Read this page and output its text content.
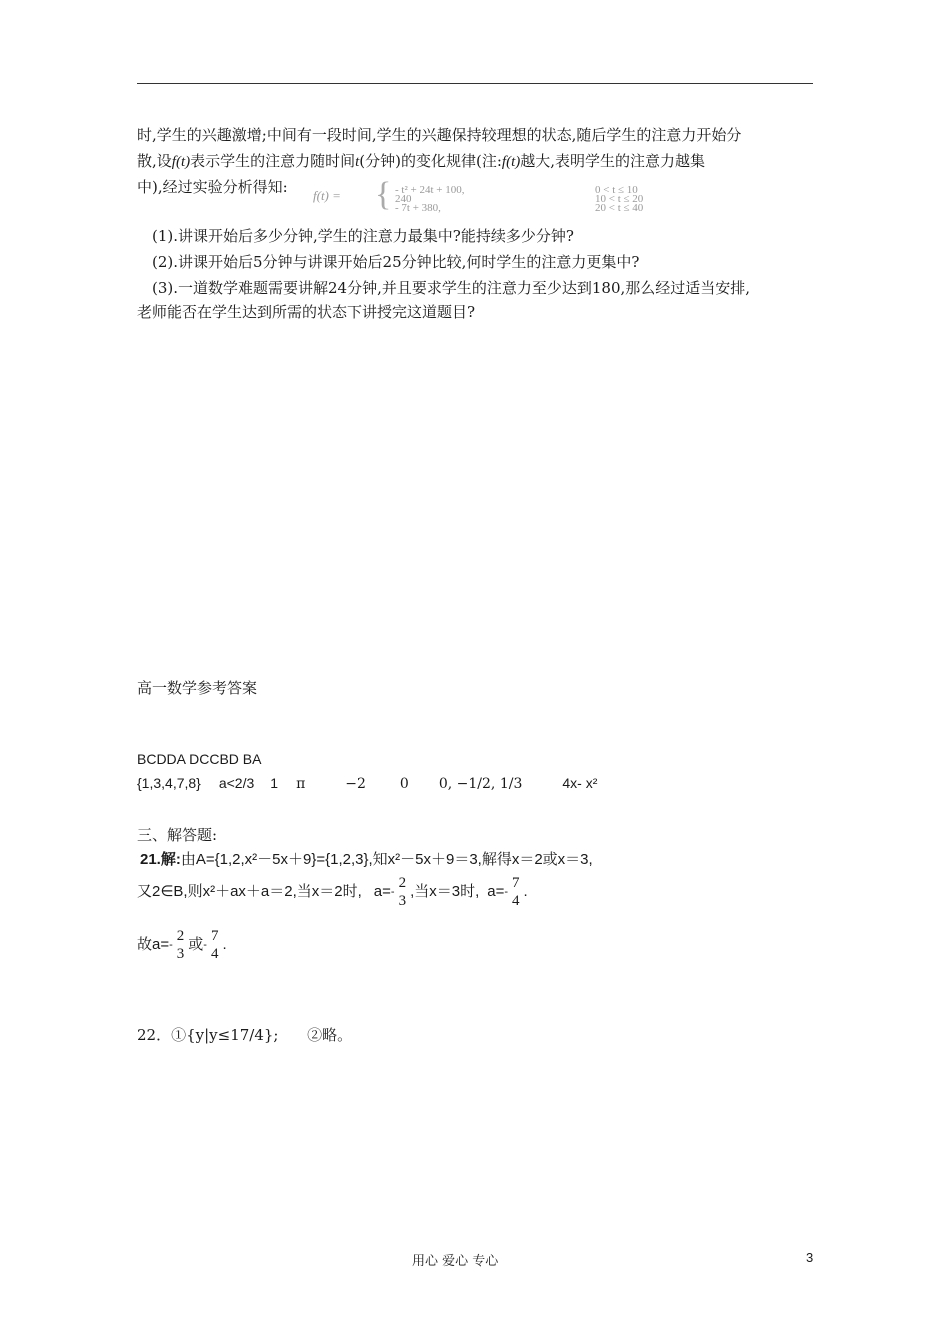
时,学生的兴趣激增;中间有一段时间,学生的兴趣保持较理想的状态,随后学生的注意力开始分
散,设f(t)表示学生的注意力随时间t(分钟)的变化规律(注:f(t)越大,表明学生的注意力越集
中),经过实验分析得知: f(t) = { - t² + 24t + 100,	0 < t ≤ 10
240	10 < t ≤ 20
- 7t + 380,	20 < t ≤ 40
(1).讲课开始后多少分钟,学生的注意力最集中?能持续多少分钟?
(2).讲课开始后5分钟与讲课开始后25分钟比较,何时学生的注意力更集中?
(3).一道数学难题需要讲解24分钟,并且要求学生的注意力至少达到180,那么经过适当安排,
老师能否在学生达到所需的状态下讲授完这道题目?
高一数学参考答案
BCDDA DCCBD BA
{1,3,4,7,8} a<2/3 1 π	−2 0 0, −1/2, 1/3	4x- x²
三、解答题:
21.解:由A={1,2,x²－5x＋9}={1,2,3},知x²－5x＋9＝3,解得x＝2或x＝3,
又2∈B,则x²＋ax＋a＝2,当x＝2时, a=-
2
3
,当x＝3时, a=-
7
4
.
故a=-
2
3
或-
7
4
.
22．①{y|y≤17/4};      ②略。
用心 爱心 专心	3
